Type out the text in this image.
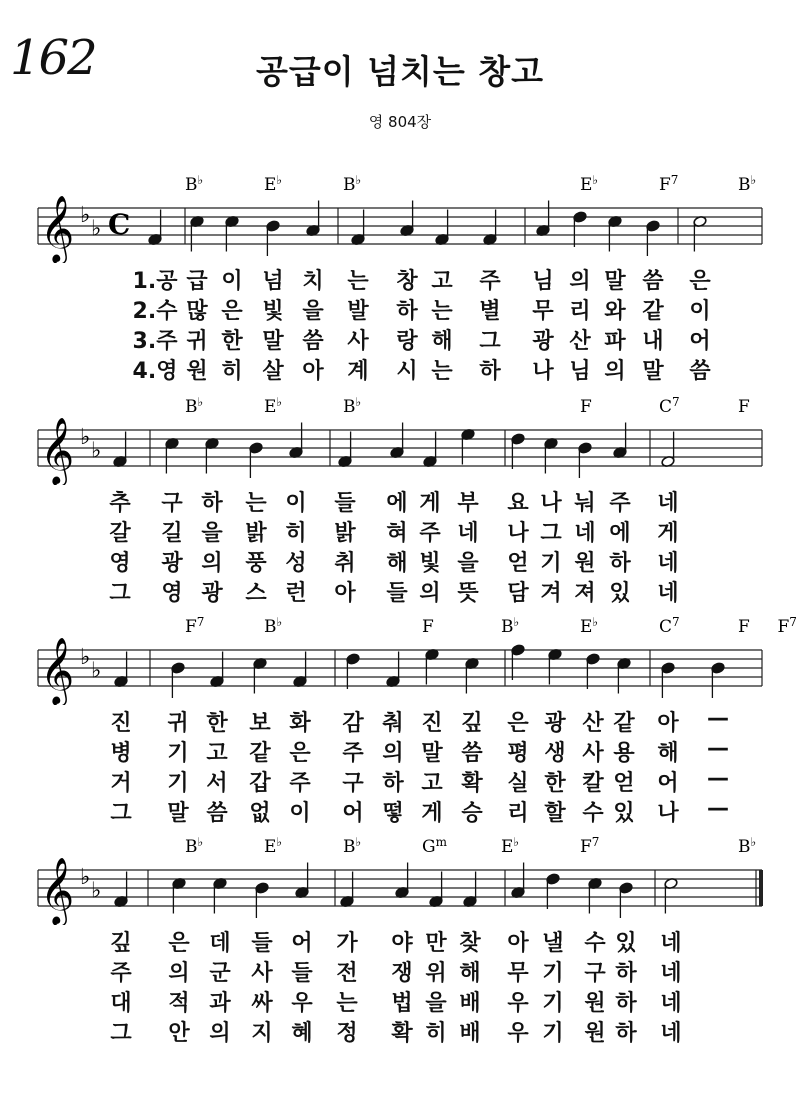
162	공급이 넘치는 창고
영 804장
𝄞 ♭
♭ C
B♭	E♭	B♭	E♭	$F^7$	B♭
1.공 급 이 넘 치 는 창 고 주 님 의 말 씀 은
2.수 많 은 빛 을 발 하 는 별 무 리 와 같 이
3.주 귀 한 말 씀 사 랑 해 그 광 산 파 내 어
4.영 원 히 살 아 계 시 는 하 나 님 의 말 씀
𝄞 ♭
♭
B♭	E♭	B♭	F	$C^7$	F
추 구 하 는 이 들 에 게 부 요 나 눠 주 네
갈 길 을 밝 히 밝 혀 주 네 나 그 네 에 게
영 광 의 풍 성 취 해 빛 을 얻 기 원 하 네
그 영 광 스 런 아 들 의 뜻 담 겨 져 있 네
𝄞 ♭
♭
$F^7$	B♭	F	B♭	E♭	$C^7$	F $F^7$
진 귀 한 보 화 감 춰 진 깊 은 광 산 같 아 —
병 기 고 같 은 주 의 말 씀 평 생 사 용 해 —
거 기 서 갑 주 구 하 고 확 실 한 칼 얻 어 —
그 말 씀 없 이 어 떻 게 승 리 할 수 있 나 —
𝄞 ♭
♭
B♭	E♭	B♭	$G^m$	E♭	$F^7$	B♭
깊 은 데 들 어 가 야 만 찾 아 낼 수 있 네
주 의 군 사 들 전 쟁 위 해 무 기 구 하 네
대 적 과 싸 우 는 법 을 배 우 기 원 하 네
그 안 의 지 혜 정 확 히 배 우 기 원 하 네
